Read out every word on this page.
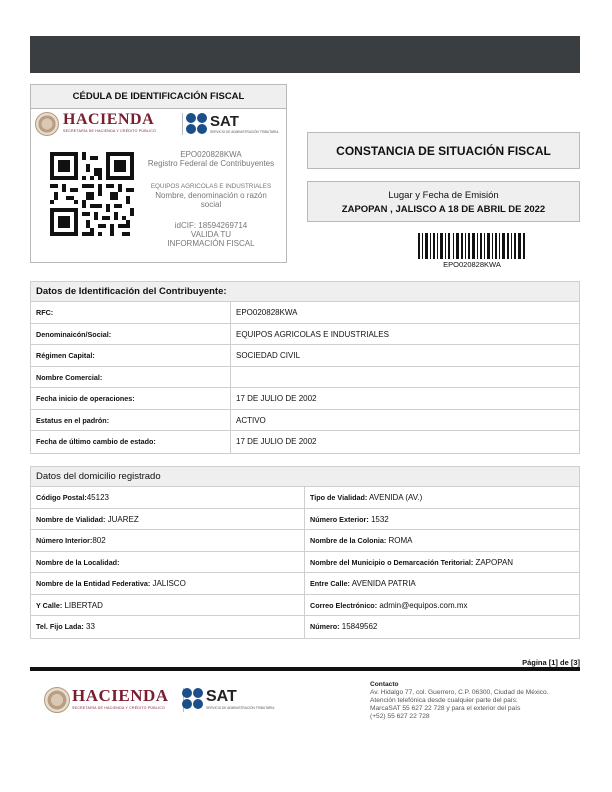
CÉDULA DE IDENTIFICACIÓN FISCAL
HACIENDA
SECRETARÍA DE HACIENDA Y CRÉDITO PÚBLICO
SAT
SERVICIO DE ADMINISTRACIÓN TRIBUTARIA
EPO020828KWA
Registro Federal de Contribuyentes
EQUIPOS AGRICOLAS E INDUSTRIALES
Nombre, denominación o razón social
idCIF: 18594269714
VALIDA TU INFORMACIÓN FISCAL
CONSTANCIA DE SITUACIÓN FISCAL
Lugar y Fecha de Emisión
ZAPOPAN , JALISCO A 18 DE ABRIL DE 2022
EPO020828KWA
Datos de Identificación del Contribuyente:
RFC:	EPO020828KWA
Denominaicón/Social:	EQUIPOS AGRICOLAS E INDUSTRIALES
Régimen Capital:	SOCIEDAD CIVIL
Nombre Comercial:
Fecha inicio de operaciones:	17 DE JULIO DE 2002
Estatus en el padrón:	ACTIVO
Fecha de último cambio de estado:	17 DE JULIO DE 2002
Datos del domicilio registrado
Código Postal:45123	Tipo de Vialidad: AVENIDA (AV.)
Nombre de Vialidad: JUAREZ	Número Exterior: 1532
Número Interior:802	Nombre de la Colonia: ROMA
Nombre de la Localidad:	Nombre del Municipio o Demarcación Teritorial: ZAPOPAN
Nombre de la Entidad Federativa: JALISCO	Entre Calle: AVENIDA PATRIA
Y Calle: LIBERTAD	Correo Electrónico: admin@equipos.com.mx
Tel. Fijo Lada: 33	Número: 15849562
Página [1] de [3]
HACIENDA
SECRETARÍA DE HACIENDA Y CRÉDITO PÚBLICO
SAT
SERVICIO DE ADMINISTRACIÓN TRIBUTARIA
Contacto
Av. Hidalgo 77, col. Guerrero, C.P. 06300, Ciudad de México.
Atención telefónica desde cualquier parte del país:
MarcaSAT 55 627 22 728 y para el exterior del país
(+52) 55 627 22 728
